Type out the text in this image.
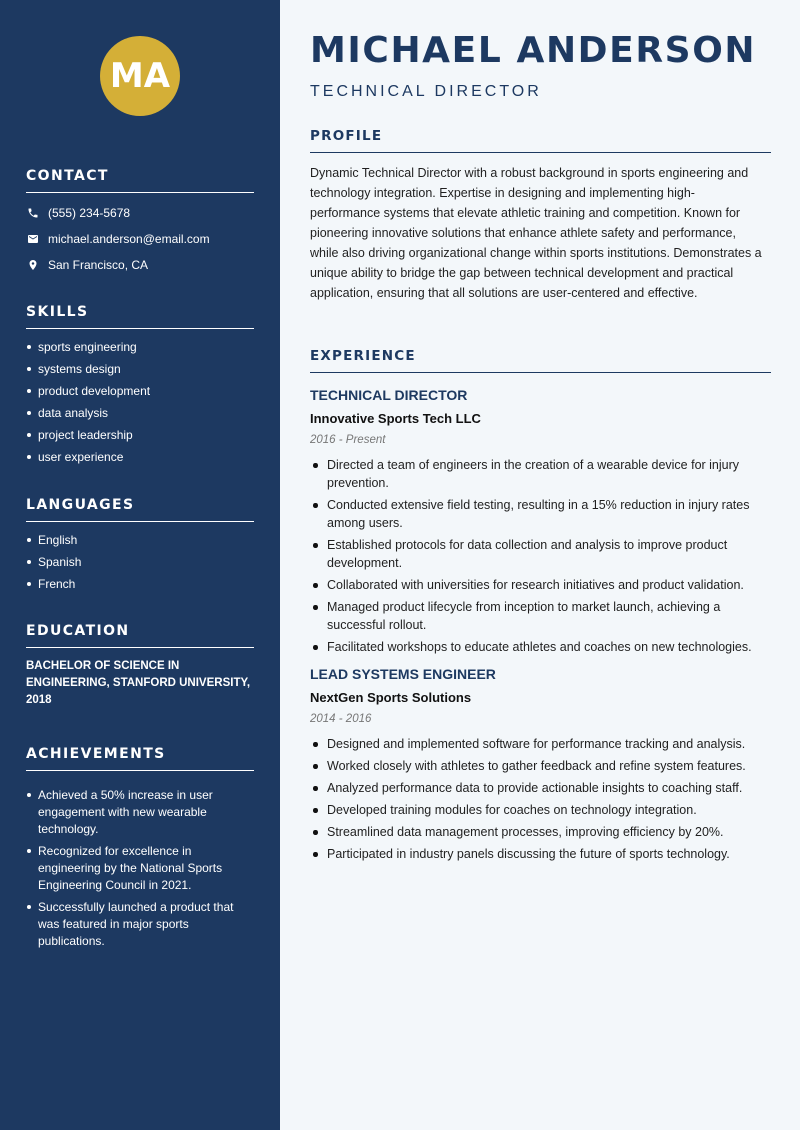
MA
CONTACT
(555) 234-5678
michael.anderson@email.com
San Francisco, CA
SKILLS
sports engineering
systems design
product development
data analysis
project leadership
user experience
LANGUAGES
English
Spanish
French
EDUCATION
BACHELOR OF SCIENCE IN ENGINEERING, STANFORD UNIVERSITY, 2018
ACHIEVEMENTS
Achieved a 50% increase in user engagement with new wearable technology.
Recognized for excellence in engineering by the National Sports Engineering Council in 2021.
Successfully launched a product that was featured in major sports publications.
MICHAEL ANDERSON
TECHNICAL DIRECTOR
PROFILE

Dynamic Technical Director with a robust background in sports engineering and technology integration. Expertise in designing and implementing high-performance systems that elevate athletic training and competition. Known for pioneering innovative solutions that enhance athlete safety and performance, while also driving organizational change within sports institutions. Demonstrates a unique ability to bridge the gap between technical development and practical application, ensuring that all solutions are user-centered and effective.

EXPERIENCE
TECHNICAL DIRECTOR
Innovative Sports Tech LLC
2016 - Present
Directed a team of engineers in the creation of a wearable device for injury prevention.
Conducted extensive field testing, resulting in a 15% reduction in injury rates among users.
Established protocols for data collection and analysis to improve product development.
Collaborated with universities for research initiatives and product validation.
Managed product lifecycle from inception to market launch, achieving a successful rollout.
Facilitated workshops to educate athletes and coaches on new technologies.
LEAD SYSTEMS ENGINEER
NextGen Sports Solutions
2014 - 2016
Designed and implemented software for performance tracking and analysis.
Worked closely with athletes to gather feedback and refine system features.
Analyzed performance data to provide actionable insights to coaching staff.
Developed training modules for coaches on technology integration.
Streamlined data management processes, improving efficiency by 20%.
Participated in industry panels discussing the future of sports technology.
